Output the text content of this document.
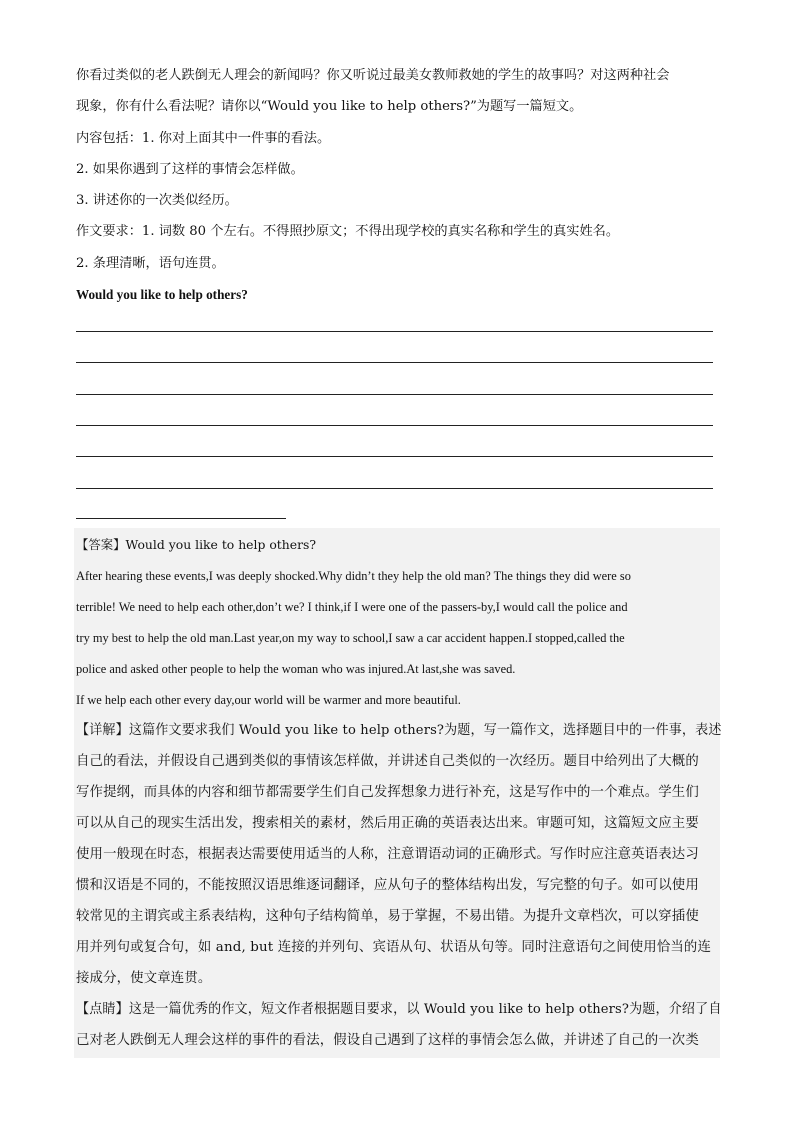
你看过类似的老人跌倒无人理会的新闻吗？你又听说过最美女教师救她的学生的故事吗？对这两种社会
现象，你有什么看法呢？请你以“Would you like to help others?”为题写一篇短文。
内容包括：1. 你对上面其中一件事的看法。
2. 如果你遇到了这样的事情会怎样做。
3. 讲述你的一次类似经历。
作文要求：1. 词数 80 个左右。不得照抄原文；不得出现学校的真实名称和学生的真实姓名。
2. 条理清晰，语句连贯。
Would you like to help others?
【答案】Would you like to help others?
After hearing these events,I was deeply shocked.Why didn’t they help the old man? The things they did were so
terrible! We need to help each other,don’t we? I think,if I were one of the passers-by,I would call the police and
try my best to help the old man.Last year,on my way to school,I saw a car accident happen.I stopped,called the
police and asked other people to help the woman who was injured.At last,she was saved.
If we help each other every day,our world will be warmer and more beautiful.
【详解】这篇作文要求我们 Would you like to help others?为题，写一篇作文，选择题目中的一件事，表述
自己的看法，并假设自己遇到类似的事情该怎样做，并讲述自己类似的一次经历。题目中给列出了大概的
写作提纲，而具体的内容和细节都需要学生们自己发挥想象力进行补充，这是写作中的一个难点。学生们
可以从自己的现实生活出发，搜索相关的素材，然后用正确的英语表达出来。审题可知，这篇短文应主要
使用一般现在时态，根据表达需要使用适当的人称，注意谓语动词的正确形式。写作时应注意英语表达习
惯和汉语是不同的，不能按照汉语思维逐词翻译，应从句子的整体结构出发，写完整的句子。如可以使用
较常见的主谓宾或主系表结构，这种句子结构简单，易于掌握，不易出错。为提升文章档次，可以穿插使
用并列句或复合句，如 and, but 连接的并列句、宾语从句、状语从句等。同时注意语句之间使用恰当的连
接成分，使文章连贯。
【点睛】这是一篇优秀的作文，短文作者根据题目要求，以 Would you like to help others?为题，介绍了自
己对老人跌倒无人理会这样的事件的看法，假设自己遇到了这样的事情会怎么做，并讲述了自己的一次类
